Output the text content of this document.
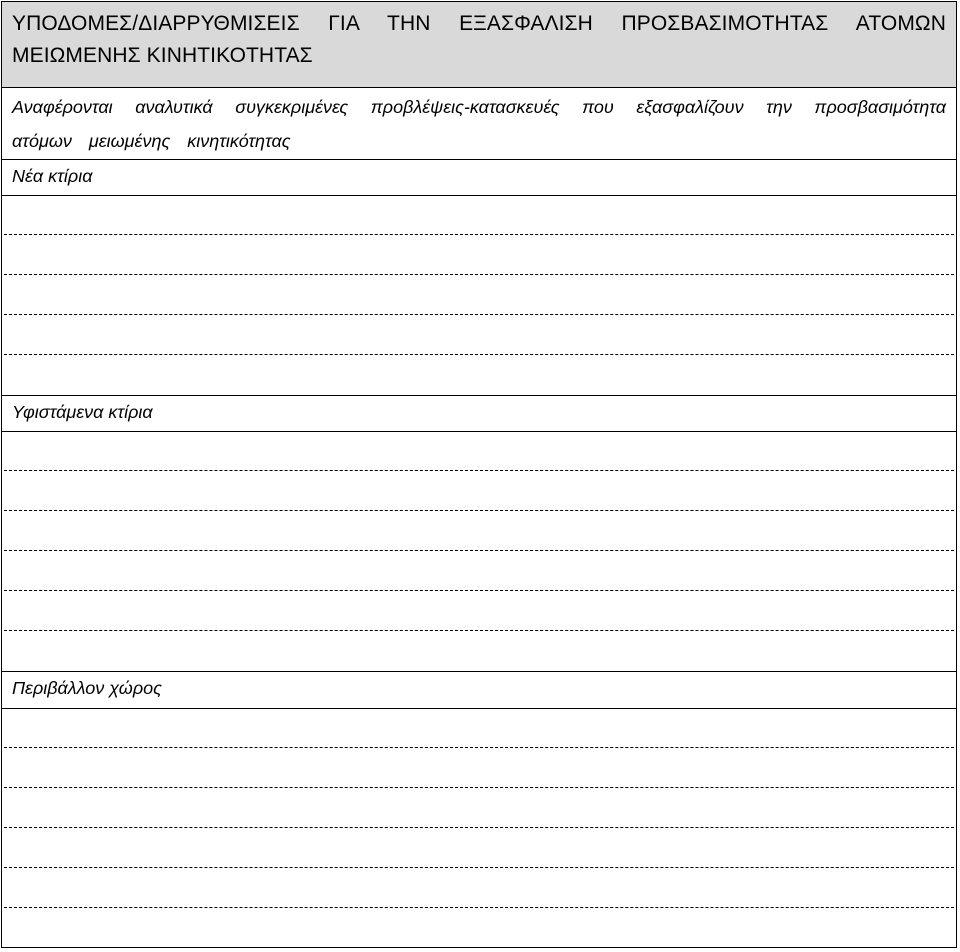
ΥΠΟΔΟΜΕΣ/ΔΙΑΡΡΥΘΜΙΣΕΙΣ ΓΙΑ ΤΗΝ ΕΞΑΣΦΑΛΙΣΗ ΠΡΟΣΒΑΣΙΜΟΤΗΤΑΣ ΑΤΟΜΩΝ ΜΕΙΩΜΕΝΗΣ ΚΙΝΗΤΙΚΟΤΗΤΑΣ
Αναφέρονται αναλυτικά συγκεκριμένες προβλέψεις-κατασκευές που εξασφαλίζουν την προσβασιμότητα ατόμων μειωμένης κινητικότητας
Νέα κτίρια
Υφιστάμενα κτίρια
Περιβάλλον χώρος
